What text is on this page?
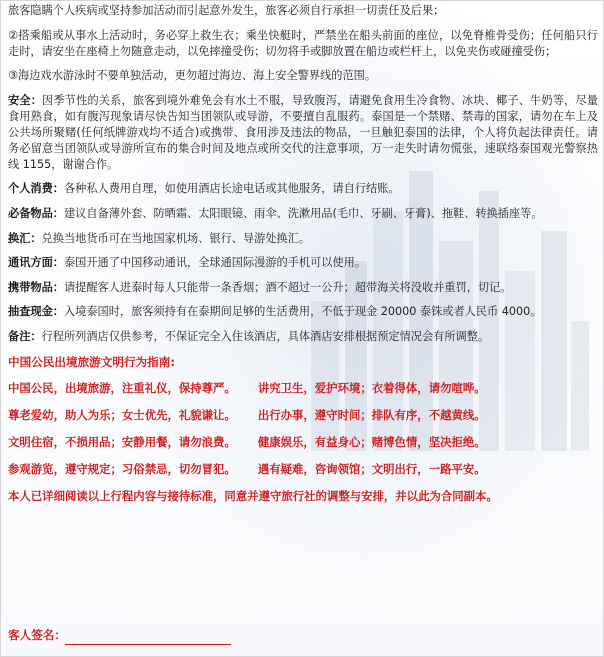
旅客隐瞒个人疾病或坚持参加活动而引起意外发生，旅客必须自行承担一切责任及后果；

②搭乘船或从事水上活动时，务必穿上救生衣；乘坐快艇时，严禁坐在船头前面的座位，以免脊椎骨受伤；任何船只行走时，请安坐在座椅上勿随意走动，以免摔撞受伤；切勿将手或脚放置在船边或栏杆上，以免夹伤或碰撞受伤；

③海边戏水游泳时不要单独活动，更勿超过海边、海上安全警界线的范围。

安全：因季节性的关系，旅客到境外难免会有水土不服，导致腹泻，请避免食用生冷食物、冰块、椰子、牛奶等，尽量食用熟食，如有腹泻现象请尽快告知当团领队或导游，不要擅自乱服药。泰国是一个禁赌、禁毒的国家，请勿在车上及公共场所聚赌(任何纸牌游戏均不适合)或携带、食用涉及违法的物品，一旦触犯泰国的法律，个人将负起法律责任。请务必留意当团领队或导游所宣布的集合时间及地点或所交代的注意事项，万一走失时请勿慌张，速联络泰国观光警察热线 1155，谢谢合作。

个人消费：各种私人费用自理，如使用酒店长途电话或其他服务，请自行结账。

必备物品：建议自备薄外套、防晒霜、太阳眼镜、雨伞、洗漱用品(毛巾、牙刷、牙膏)、拖鞋、转换插座等。

换汇：兑换当地货币可在当地国家机场、银行、导游处换汇。

通讯方面：泰国开通了中国移动通讯，全球通国际漫游的手机可以使用。

携带物品：请提醒客人进泰时每人只能带一条香烟；酒不超过一公升；超带海关将没收并重罚，切记。

抽查现金：入境泰国时，旅客须持有在泰期间足够的生活费用，不低于现金 20000 泰铢或者人民币 4000。

备注：行程所列酒店仅供参考，不保证完全入住该酒店，具体酒店安排根据预定情况会有所调整。

中国公民出境旅游文明行为指南:

中国公民，出境旅游，注重礼仪，保持尊严。 讲究卫生，爱护环境；衣着得体，请勿喧哗。
尊老爱幼，助人为乐；女士优先，礼貌谦让。 出行办事，遵守时间；排队有序，不越黄线。
文明住宿，不损用品；安静用餐，请勿浪费。 健康娱乐，有益身心；赌博色情，坚决拒绝。
参观游览，遵守规定；习俗禁忌，切勿冒犯。 遇有疑难，咨询领馆；文明出行，一路平安。

本人已详细阅读以上行程内容与接待标准，同意并遵守旅行社的调整与安排，并以此为合同副本。

客人签名：
